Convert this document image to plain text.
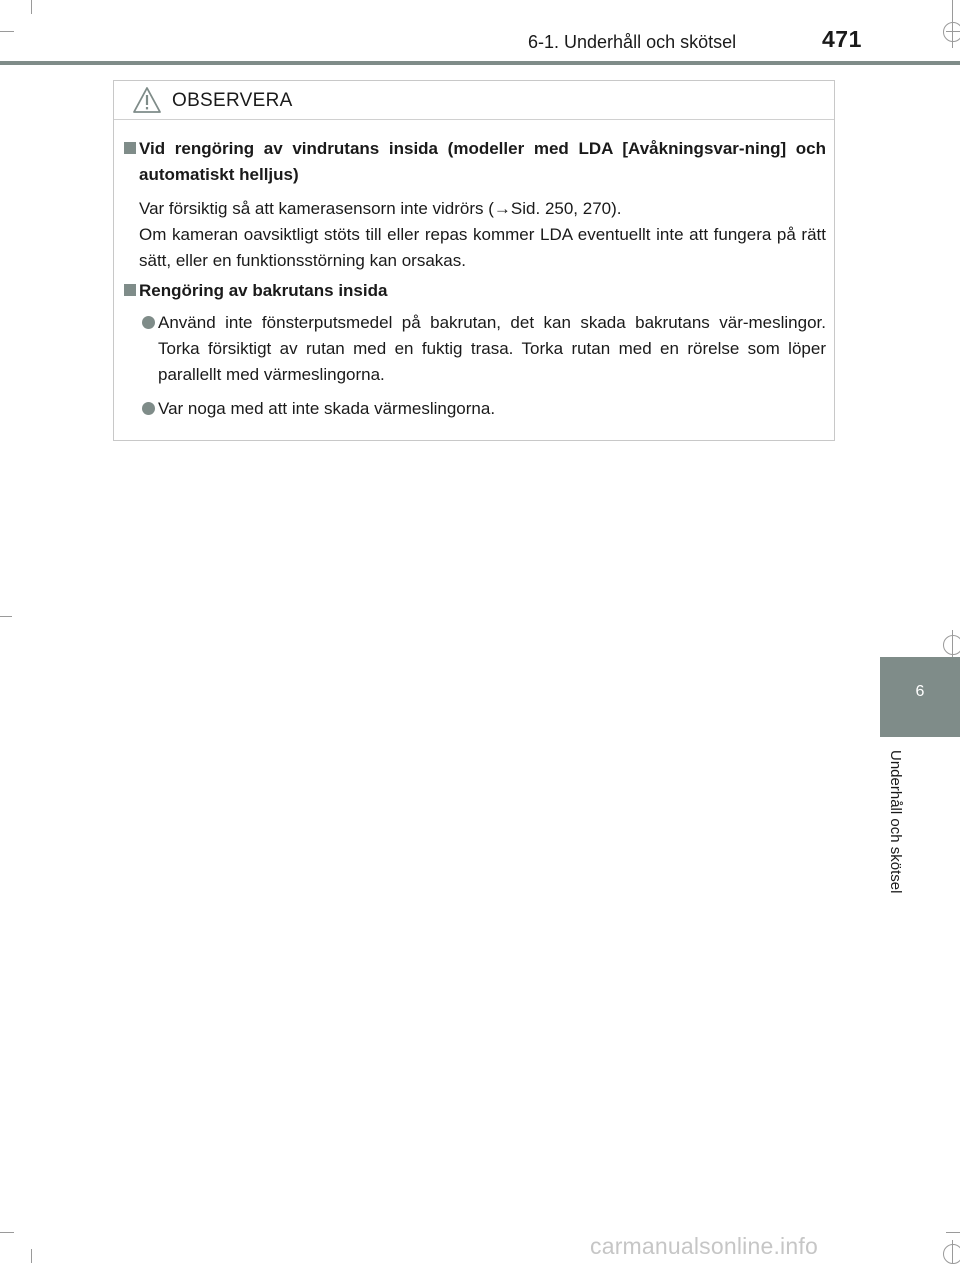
6-1. Underhåll och skötsel	471
6
Underhåll och skötsel
OBSERVERA
Vid rengöring av vindrutans insida (modeller med LDA [Avåkningsvar-ning] och automatiskt helljus)

Var försiktig så att kamerasensorn inte vidrörs (→Sid. 250, 270).

Om kameran oavsiktligt stöts till eller repas kommer LDA eventuellt inte att fungera på rätt sätt, eller en funktionsstörning kan orsakas.

Rengöring av bakrutans insida
Använd inte fönsterputsmedel på bakrutan, det kan skada bakrutans vär-meslingor. Torka försiktigt av rutan med en fuktig trasa. Torka rutan med en rörelse som löper parallellt med värmeslingorna.
Var noga med att inte skada värmeslingorna.
carmanualsonline.info
